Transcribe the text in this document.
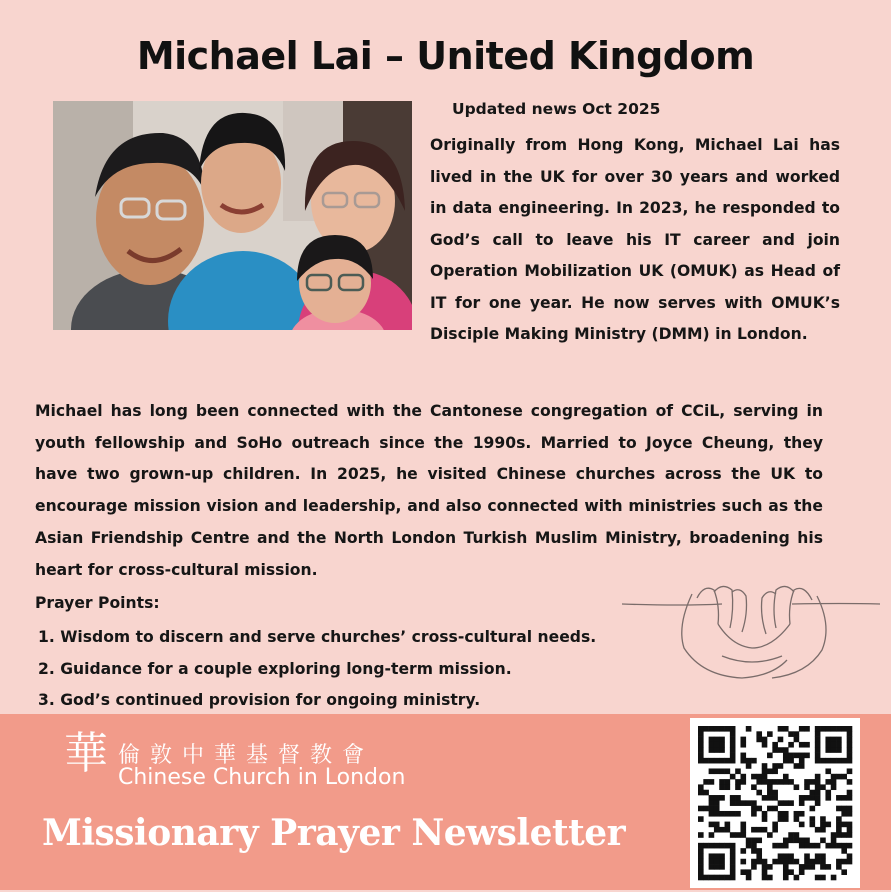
Michael Lai – United Kingdom
Updated news Oct 2025

Originally from Hong Kong, Michael Lai has lived in the UK for over 30 years and worked in data engineering. In 2023, he responded to God’s call to leave his IT career and join Operation Mobilization UK (OMUK) as Head of IT for one year. He now serves with OMUK’s Disciple Making Ministry (DMM) in London.

Michael has long been connected with the Cantonese congregation of CCiL, serving in youth fellowship and SoHo outreach since the 1990s. Married to Joyce Cheung, they have two grown-up children. In 2025, he visited Chinese churches across the UK to encourage mission vision and leadership, and also connected with ministries such as the Asian Friendship Centre and the North London Turkish Muslim Ministry, broadening his heart for cross-cultural mission.

Prayer Points:
1. Wisdom to discern and serve churches’ cross-cultural needs.
2. Guidance for a couple exploring long-term mission.
3. God’s continued provision for ongoing ministry.
華 倫敦中華基督教會
Chinese Church in London
Missionary Prayer Newsletter
